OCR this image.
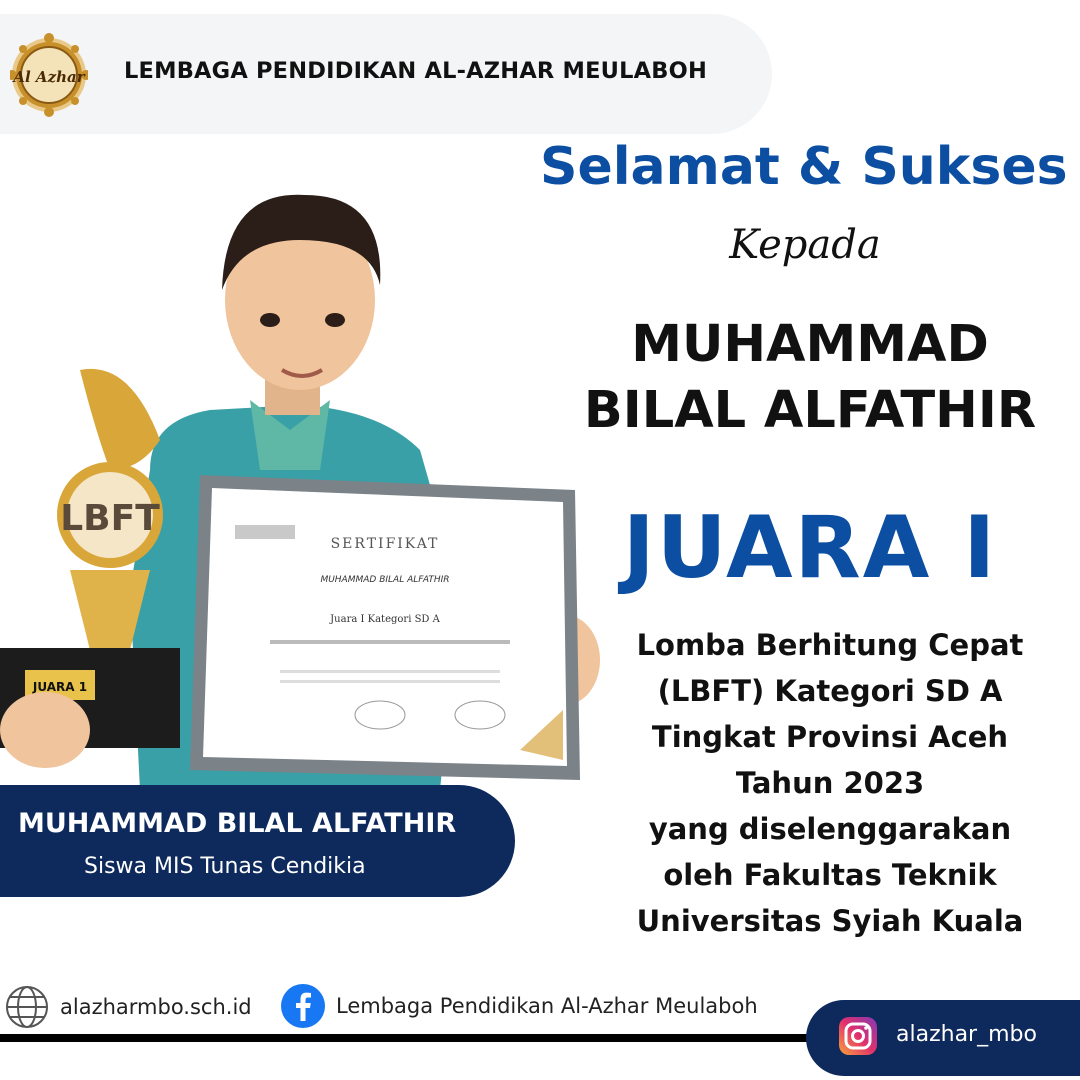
Al Azhar LEMBAGA PENDIDIKAN AL-AZHAR MEULABOH
Selamat & Sukses
Kepada
MUHAMMAD
BILAL ALFATHIR
JUARA I
Lomba Berhitung Cepat
(LBFT) Kategori SD A
Tingkat Provinsi Aceh
Tahun 2023
yang diselenggarakan
oleh Fakultas Teknik
Universitas Syiah Kuala
LBFT
JUARA 1
SERTIFIKAT
MUHAMMAD BILAL ALFATHIR
Juara I Kategori SD A
MUHAMMAD BILAL ALFATHIR
Siswa MIS Tunas Cendikia
alazharmbo.sch.id	Lembaga Pendidikan Al-Azhar Meulaboh
alazhar_mbo
